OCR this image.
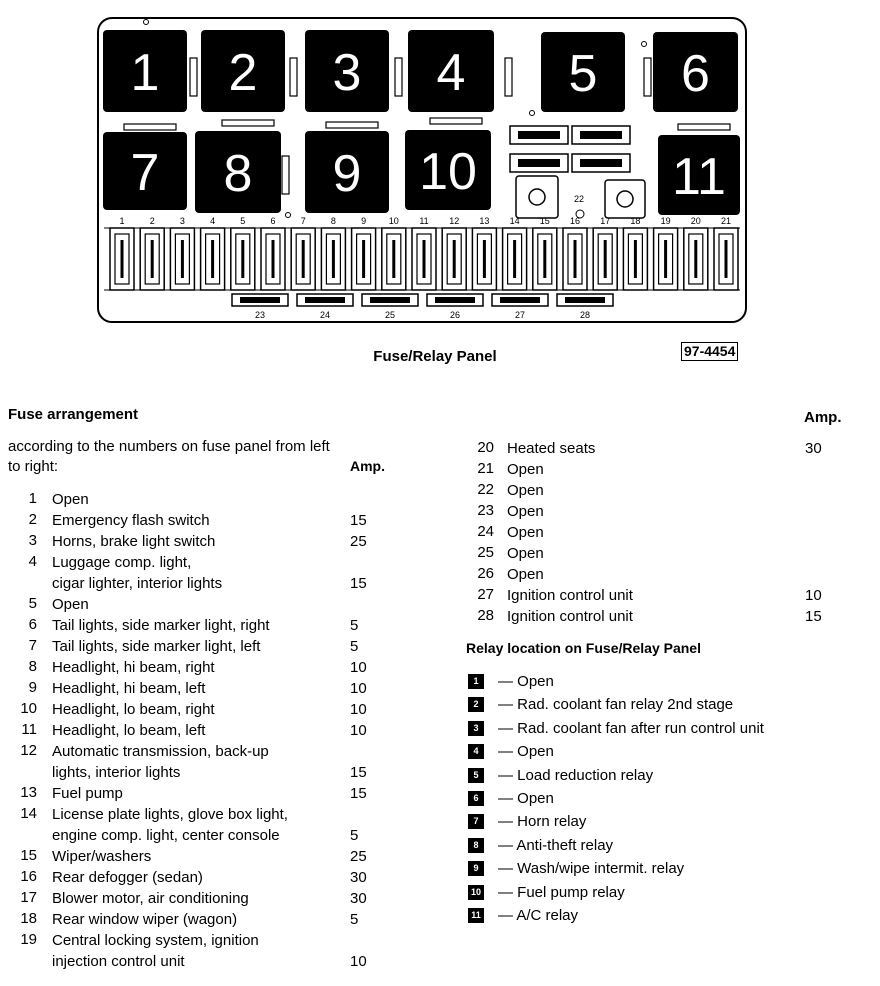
1 2 3 4 5 6
7 8 9 10	11
22
1	2	3	4	5	6	7	8	9	10 11 12 13 14 15 16 17 18 19 20 21
23	24	25	26	27	28
Fuse/Relay Panel	97-4454
Fuse arrangement	Amp.
according to the numbers on fuse panel from left
to right:	Amp.
1 Open
2 Emergency flash switch	15
3 Horns, brake light switch	25
4 Luggage comp. light,
cigar lighter, interior lights	15
5 Open
6 Tail lights, side marker light, right	5
7 Tail lights, side marker light, left	5
8 Headlight, hi beam, right	10
9 Headlight, hi beam, left	10
10 Headlight, lo beam, right	10
11 Headlight, lo beam, left	10
12 Automatic transmission, back-up
lights, interior lights	15
13 Fuel pump	15
14 License plate lights, glove box light,
engine comp. light, center console	5
15 Wiper/washers	25
16 Rear defogger (sedan)	30
17 Blower motor, air conditioning	30
18 Rear window wiper (wagon)	5
19 Central locking system, ignition
injection control unit	10
20 Heated seats	30
21 Open
22 Open
23 Open
24 Open
25 Open
26 Open
27 Ignition control unit	10
28 Ignition control unit	15
Relay location on Fuse/Relay Panel
1	— Open
2	— Rad. coolant fan relay 2nd stage
3	— Rad. coolant fan after run control unit
4	— Open
5	— Load reduction relay
6	— Open
7	— Horn relay
8	— Anti-theft relay
9	— Wash/wipe intermit. relay
10 — Fuel pump relay
11 — A/C relay
